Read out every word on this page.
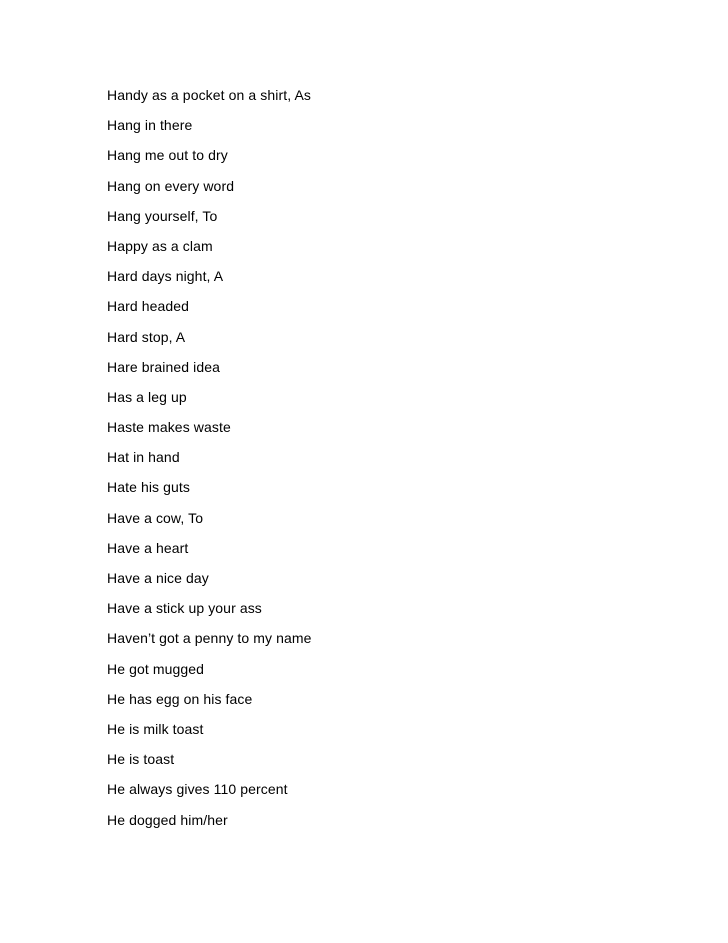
Handy as a pocket on a shirt, As
Hang in there
Hang me out to dry
Hang on every word
Hang yourself, To
Happy as a clam
Hard days night, A
Hard headed
Hard stop, A
Hare brained idea
Has a leg up
Haste makes waste
Hat in hand
Hate his guts
Have a cow, To
Have a heart
Have a nice day
Have a stick up your ass
Haven’t got a penny to my name
He got mugged
He has egg on his face
He is milk toast
He is toast
He always gives 110 percent
He dogged him/her
